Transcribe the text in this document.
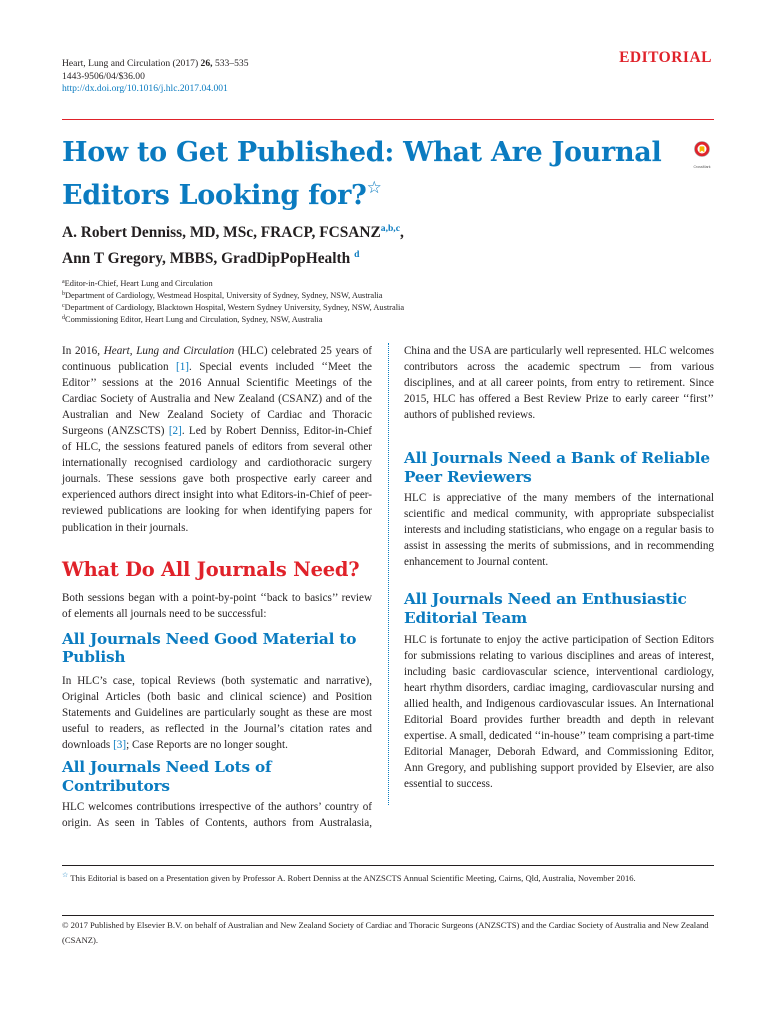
Heart, Lung and Circulation (2017) 26, 533–535
1443-9506/04/$36.00
http://dx.doi.org/10.1016/j.hlc.2017.04.001
EDITORIAL
CrossMark
How to Get Published: What Are Journal
Editors Looking for?☆
A. Robert Denniss, MD, MSc, FRACP, FCSANZ$^{a,b,c}$,
Ann T Gregory, MBBS, GradDipPopHealth $^d$
$^a$Editor-in-Chief, Heart Lung and Circulation
$^b$Department of Cardiology, Westmead Hospital, University of Sydney, Sydney, NSW, Australia
$^c$Department of Cardiology, Blacktown Hospital, Western Sydney University, Sydney, NSW, Australia
$^d$Commissioning Editor, Heart Lung and Circulation, Sydney, NSW, Australia

In 2016, Heart, Lung and Circulation (HLC) celebrated 25 years of continuous publication [1]. Special events included ‘‘Meet the Editor’’ sessions at the 2016 Annual Scientific Meetings of the Cardiac Society of Australia and New Zealand (CSANZ) and of the Australian and New Zealand Society of Cardiac and Thoracic Surgeons (ANZSCTS) [2]. Led by Robert Denniss, Editor-in-Chief of HLC, the sessions featured panels of editors from several other internationally recognised cardiology and cardiothoracic surgery journals. These sessions gave both prospective early career and experienced authors direct insight into what Editors-in-Chief of peer-reviewed publications are looking for when identifying papers for publication in their journals.

What Do All Journals Need?

Both sessions began with a point-by-point ‘‘back to basics’’ review of elements all journals need to be successful:

All Journals Need Good Material to Publish

In HLC’s case, topical Reviews (both systematic and narrative), Original Articles (both basic and clinical science) and Position Statements and Guidelines are particularly sought as these are most useful to readers, as reflected in the Journal’s citation rates and downloads [3]; Case Reports are no longer sought.

All Journals Need Lots of Contributors

HLC welcomes contributions irrespective of the authors’ country of origin. As seen in Tables of Contents, authors from Australasia,

China and the USA are particularly well represented. HLC welcomes contributors across the academic spectrum — from various disciplines, and at all career points, from entry to retirement. Since 2015, HLC has offered a Best Review Prize to early career ‘‘first’’ authors of published reviews.

All Journals Need a Bank of Reliable Peer Reviewers

HLC is appreciative of the many members of the international scientific and medical community, with appropriate subspecialist interests and including statisticians, who engage on a regular basis to assist in assessing the merits of submissions, and in recommending enhancement to Journal content.

All Journals Need an Enthusiastic Editorial Team

HLC is fortunate to enjoy the active participation of Section Editors for submissions relating to various disciplines and areas of interest, including basic cardiovascular science, interventional cardiology, heart rhythm disorders, cardiac imaging, cardiovascular nursing and allied health, and Indigenous cardiovascular issues. An International Editorial Board provides further breadth and depth in relevant expertise. A small, dedicated ‘‘in-house’’ team comprising a part-time Editorial Manager, Deborah Edward, and Commissioning Editor, Ann Gregory, and publishing support provided by Elsevier, are also essential to success.

☆ This Editorial is based on a Presentation given by Professor A. Robert Denniss at the ANZSCTS Annual Scientific Meeting, Cairns, Qld, Australia, November 2016.
© 2017 Published by Elsevier B.V. on behalf of Australian and New Zealand Society of Cardiac and Thoracic Surgeons (ANZSCTS) and the Cardiac Society of Australia and New Zealand (CSANZ).
